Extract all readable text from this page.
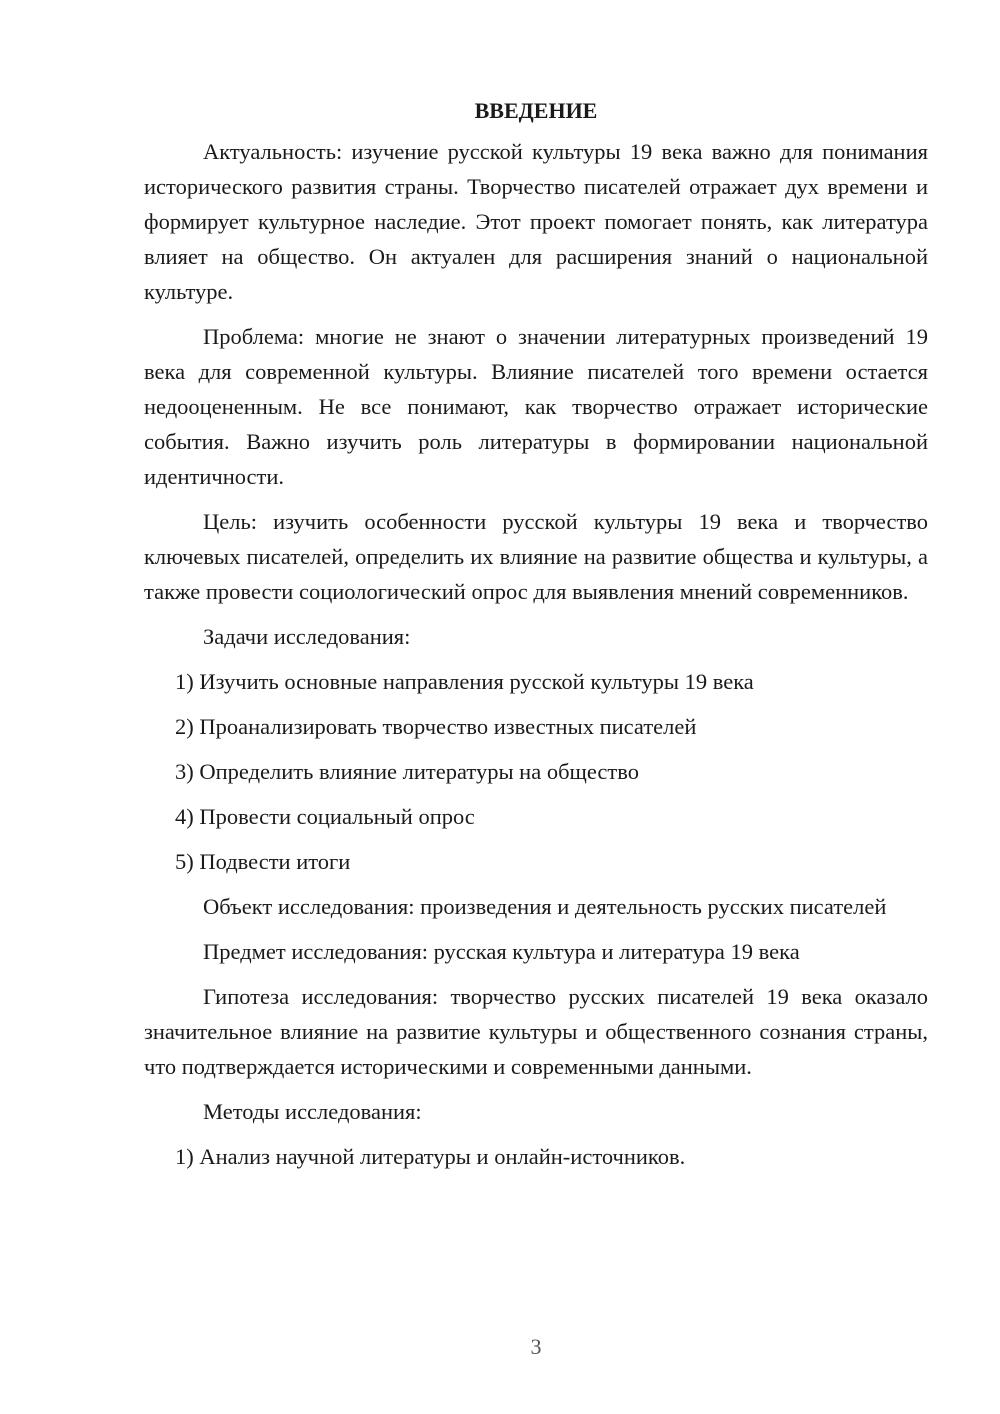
ВВЕДЕНИЕ

Актуальность: изучение русской культуры 19 века важно для понимания исторического развития страны. Творчество писателей отражает дух времени и формирует культурное наследие. Этот проект помогает понять, как литература влияет на общество. Он актуален для расширения знаний о национальной культуре.

Проблема: многие не знают о значении литературных произведений 19 века для современной культуры. Влияние писателей того времени остается недооцененным. Не все понимают, как творчество отражает исторические события. Важно изучить роль литературы в формировании национальной идентичности.

Цель: изучить особенности русской культуры 19 века и творчество ключевых писателей, определить их влияние на развитие общества и культуры, а также провести социологический опрос для выявления мнений современников.

Задачи исследования:

1) Изучить основные направления русской культуры 19 века

2) Проанализировать творчество известных писателей

3) Определить влияние литературы на общество

4) Провести социальный опрос

5) Подвести итоги

Объект исследования: произведения и деятельность русских писателей

Предмет исследования: русская культура и литература 19 века

Гипотеза исследования: творчество русских писателей 19 века оказало значительное влияние на развитие культуры и общественного сознания страны, что подтверждается историческими и современными данными.

Методы исследования:

1) Анализ научной литературы и онлайн-источников.

3
